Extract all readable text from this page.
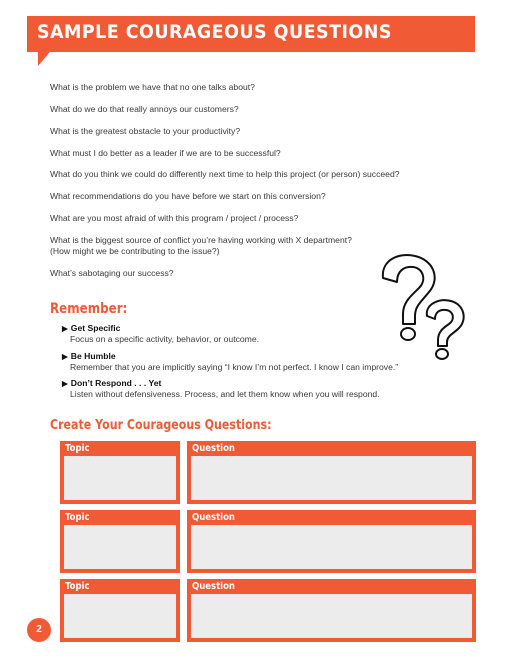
SAMPLE COURAGEOUS QUESTIONS
What is the problem we have that no one talks about?
What do we do that really annoys our customers?
What is the greatest obstacle to your productivity?
What must I do better as a leader if we are to be successful?
What do you think we could do differently next time to help this project (or person) succeed?
What recommendations do you have before we start on this conversion?
What are you most afraid of with this program / project / process?
What is the biggest source of conflict you’re having working with X department?
(How might we be contributing to the issue?)
What’s sabotaging our success?
Remember:
▶ Get Specific
Focus on a specific activity, behavior, or outcome.
▶ Be Humble
Remember that you are implicitly saying “I know I’m not perfect. I know I can improve.”
▶ Don’t Respond . . . Yet
Listen without defensiveness. Process, and let them know when you will respond.
Create Your Courageous Questions:
Topic	Question
Topic	Question
Topic	Question
2
